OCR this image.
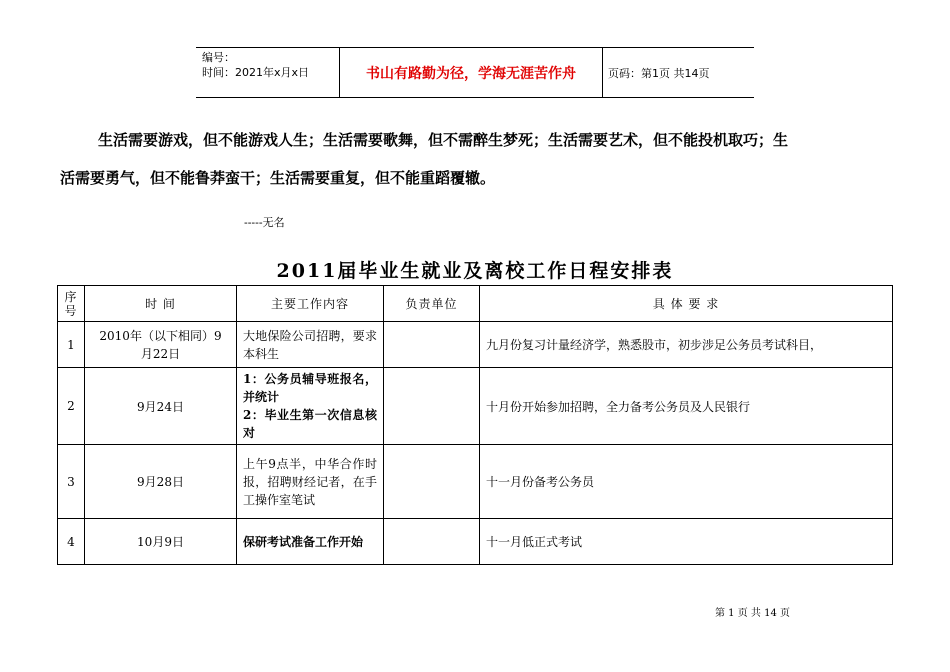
编号：
时间：2021年x月x日	书山有路勤为径，学海无涯苦作舟	页码：第1页 共14页
生活需要游戏，但不能游戏人生；生活需要歌舞，但不需醉生梦死；生活需要艺术，但不能投机取巧；生
活需要勇气，但不能鲁莽蛮干；生活需要重复，但不能重蹈覆辙。
-----无名
2011届毕业生就业及离校工作日程安排表
序号	时 间	主要工作内容	负责单位	具 体 要 求
1	2010年（以下相同）9月22日	大地保险公司招聘，要求本科生		九月份复习计量经济学，熟悉股市，初步涉足公务员考试科目，
2	9月24日	1：公务员辅导班报名，并统计
2：毕业生第一次信息核对		十月份开始参加招聘，全力备考公务员及人民银行
3	9月28日	上午9点半，中华合作时报，招聘财经记者，在手工操作室笔试		十一月份备考公务员
4	10月9日	保研考试准备工作开始		十一月低正式考试
第 1 页 共 14 页
